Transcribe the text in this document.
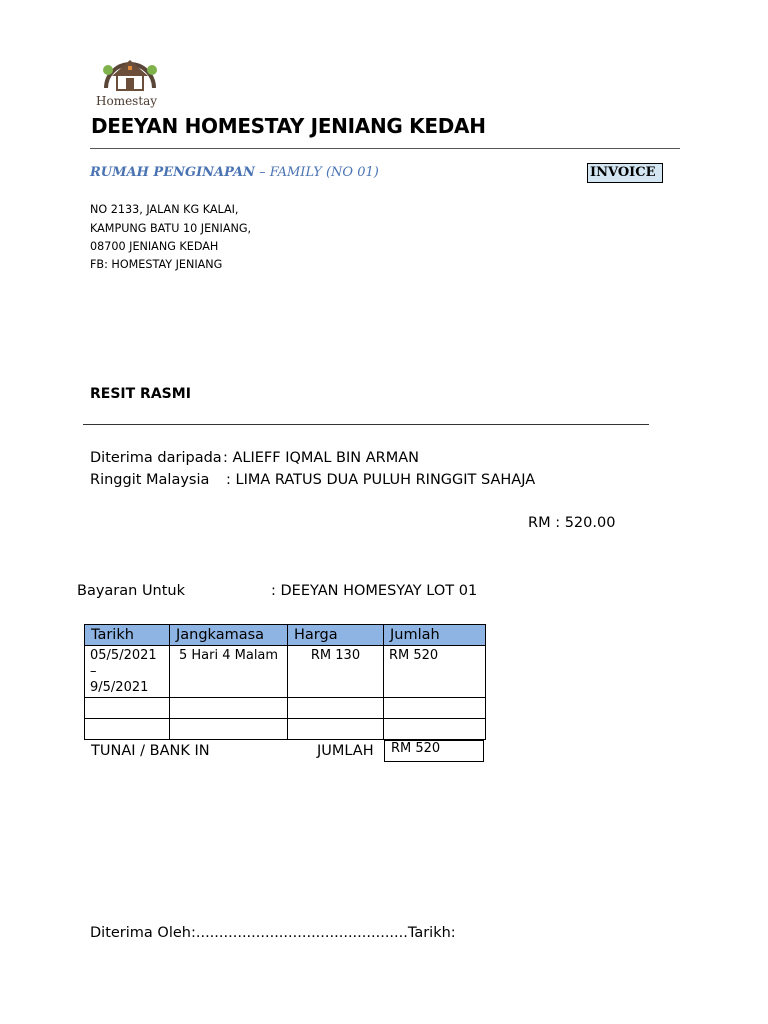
Homestay
DEEYAN HOMESTAY JENIANG KEDAH
RUMAH PENGINAPAN – FAMILY (NO 01)	INVOICE
NO 2133, JALAN KG KALAI,
KAMPUNG BATU 10 JENIANG,
08700 JENIANG KEDAH
FB: HOMESTAY JENIANG
RESIT RASMI
Diterima daripada : ALIEFF IQMAL BIN ARMAN
Ringgit Malaysia : LIMA RATUS DUA PULUH RINGGIT SAHAJA
RM : 520.00
Bayaran Untuk	: DEEYAN HOMESYAY LOT 01
Tarikh	Jangkamasa	Harga	Jumlah

05/5/2021
–
9/5/2021	5 Hari 4 Malam	RM 130	RM 520

TUNAI / BANK IN	JUMLAH	RM 520
Diterima Oleh:..............................................Tarikh:
